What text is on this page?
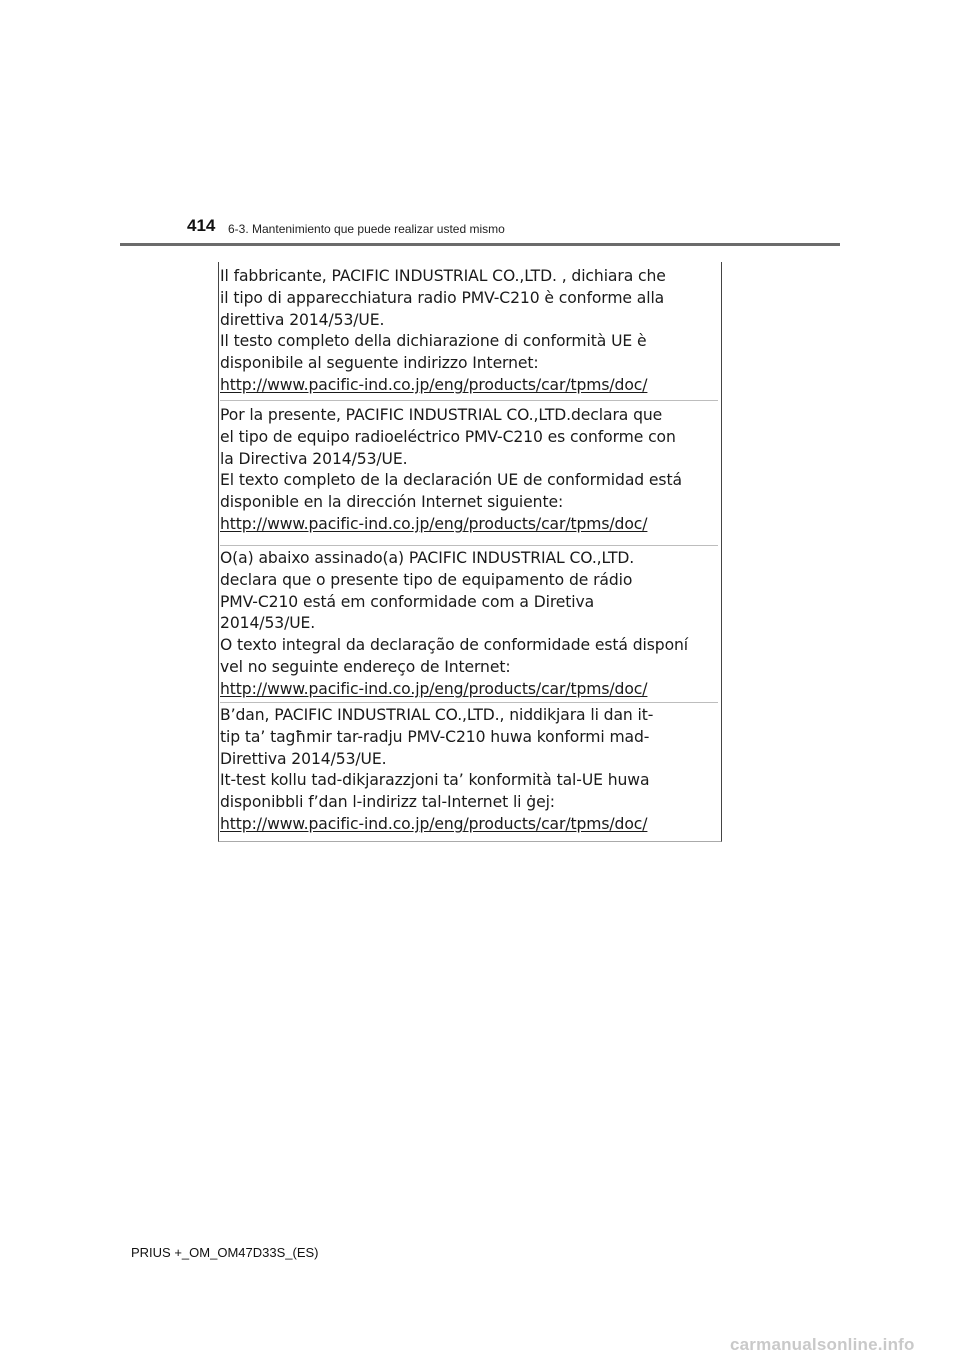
414 6-3. Mantenimiento que puede realizar usted mismo
Il fabbricante, PACIFIC INDUSTRIAL CO.,LTD. , dichiara che
il tipo di apparecchiatura radio PMV-C210 è conforme alla
direttiva 2014/53/UE.
Il testo completo della dichiarazione di conformità UE è
disponibile al seguente indirizzo Internet:
http://www.pacific-ind.co.jp/eng/products/car/tpms/doc/
Por la presente, PACIFIC INDUSTRIAL CO.,LTD.declara que
el tipo de equipo radioeléctrico PMV-C210 es conforme con
la Directiva 2014/53/UE.
El texto completo de la declaración UE de conformidad está
disponible en la dirección Internet siguiente:
http://www.pacific-ind.co.jp/eng/products/car/tpms/doc/
O(a) abaixo assinado(a) PACIFIC INDUSTRIAL CO.,LTD.
declara que o presente tipo de equipamento de rádio
PMV-C210 está em conformidade com a Diretiva
2014/53/UE.
O texto integral da declaração de conformidade está disponí
vel no seguinte endereço de Internet:
http://www.pacific-ind.co.jp/eng/products/car/tpms/doc/
B’dan, PACIFIC INDUSTRIAL CO.,LTD., niddikjara li dan it-
tip ta’ tagħmir tar-radju PMV-C210 huwa konformi mad-
Direttiva 2014/53/UE.
It-test kollu tad-dikjarazzjoni ta’ konformità tal-UE huwa
disponibbli f’dan l-indirizz tal-Internet li ġej:
http://www.pacific-ind.co.jp/eng/products/car/tpms/doc/
PRIUS +_OM_OM47D33S_(ES)
carmanualsonline.info
